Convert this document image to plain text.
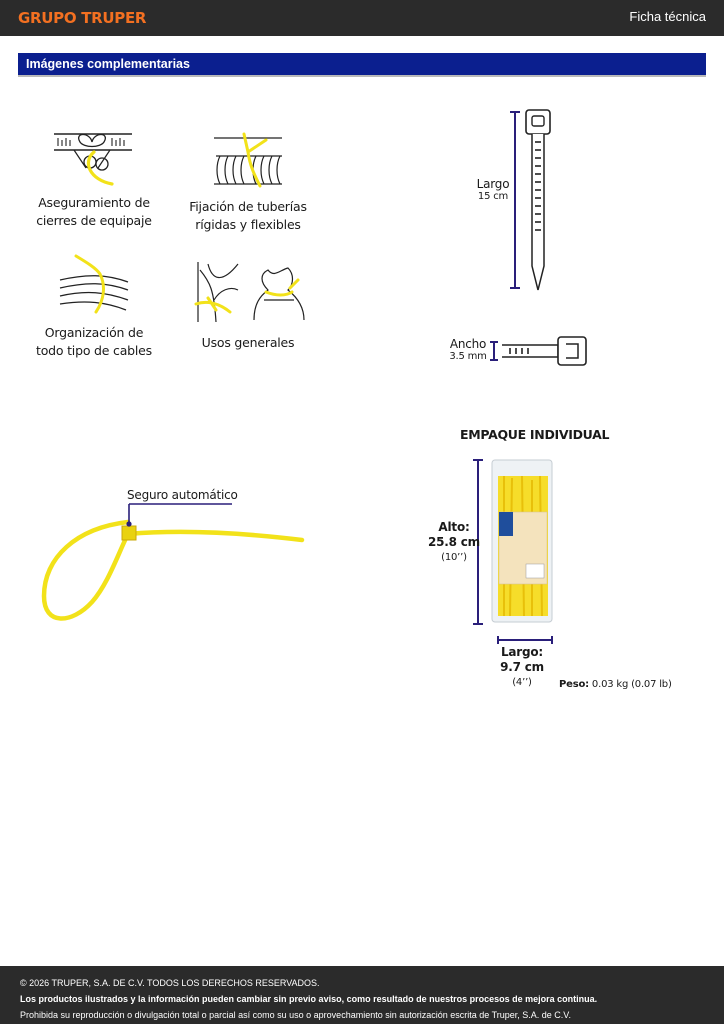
GRUPO TRUPER	Ficha técnica
Imágenes complementarias
Aseguramiento de
cierres de equipaje
Fijación de tuberías
rígidas y flexibles
Organización de
todo tipo de cables
Usos generales
Largo
15 cm
Ancho
3.5 mm
EMPAQUE INDIVIDUAL
Alto:
25.8 cm
(10’’)
Largo:
9.7 cm
(4’’)	Peso: 0.03 kg (0.07 lb)
Seguro automático

© 2026 TRUPER, S.A. DE C.V. TODOS LOS DERECHOS RESERVADOS.

Los productos ilustrados y la información pueden cambiar sin previo aviso, como resultado de nuestros procesos de mejora continua.

Prohibida su reproducción o divulgación total o parcial así como su uso o aprovechamiento sin autorización escrita de Truper, S.A. de C.V.
